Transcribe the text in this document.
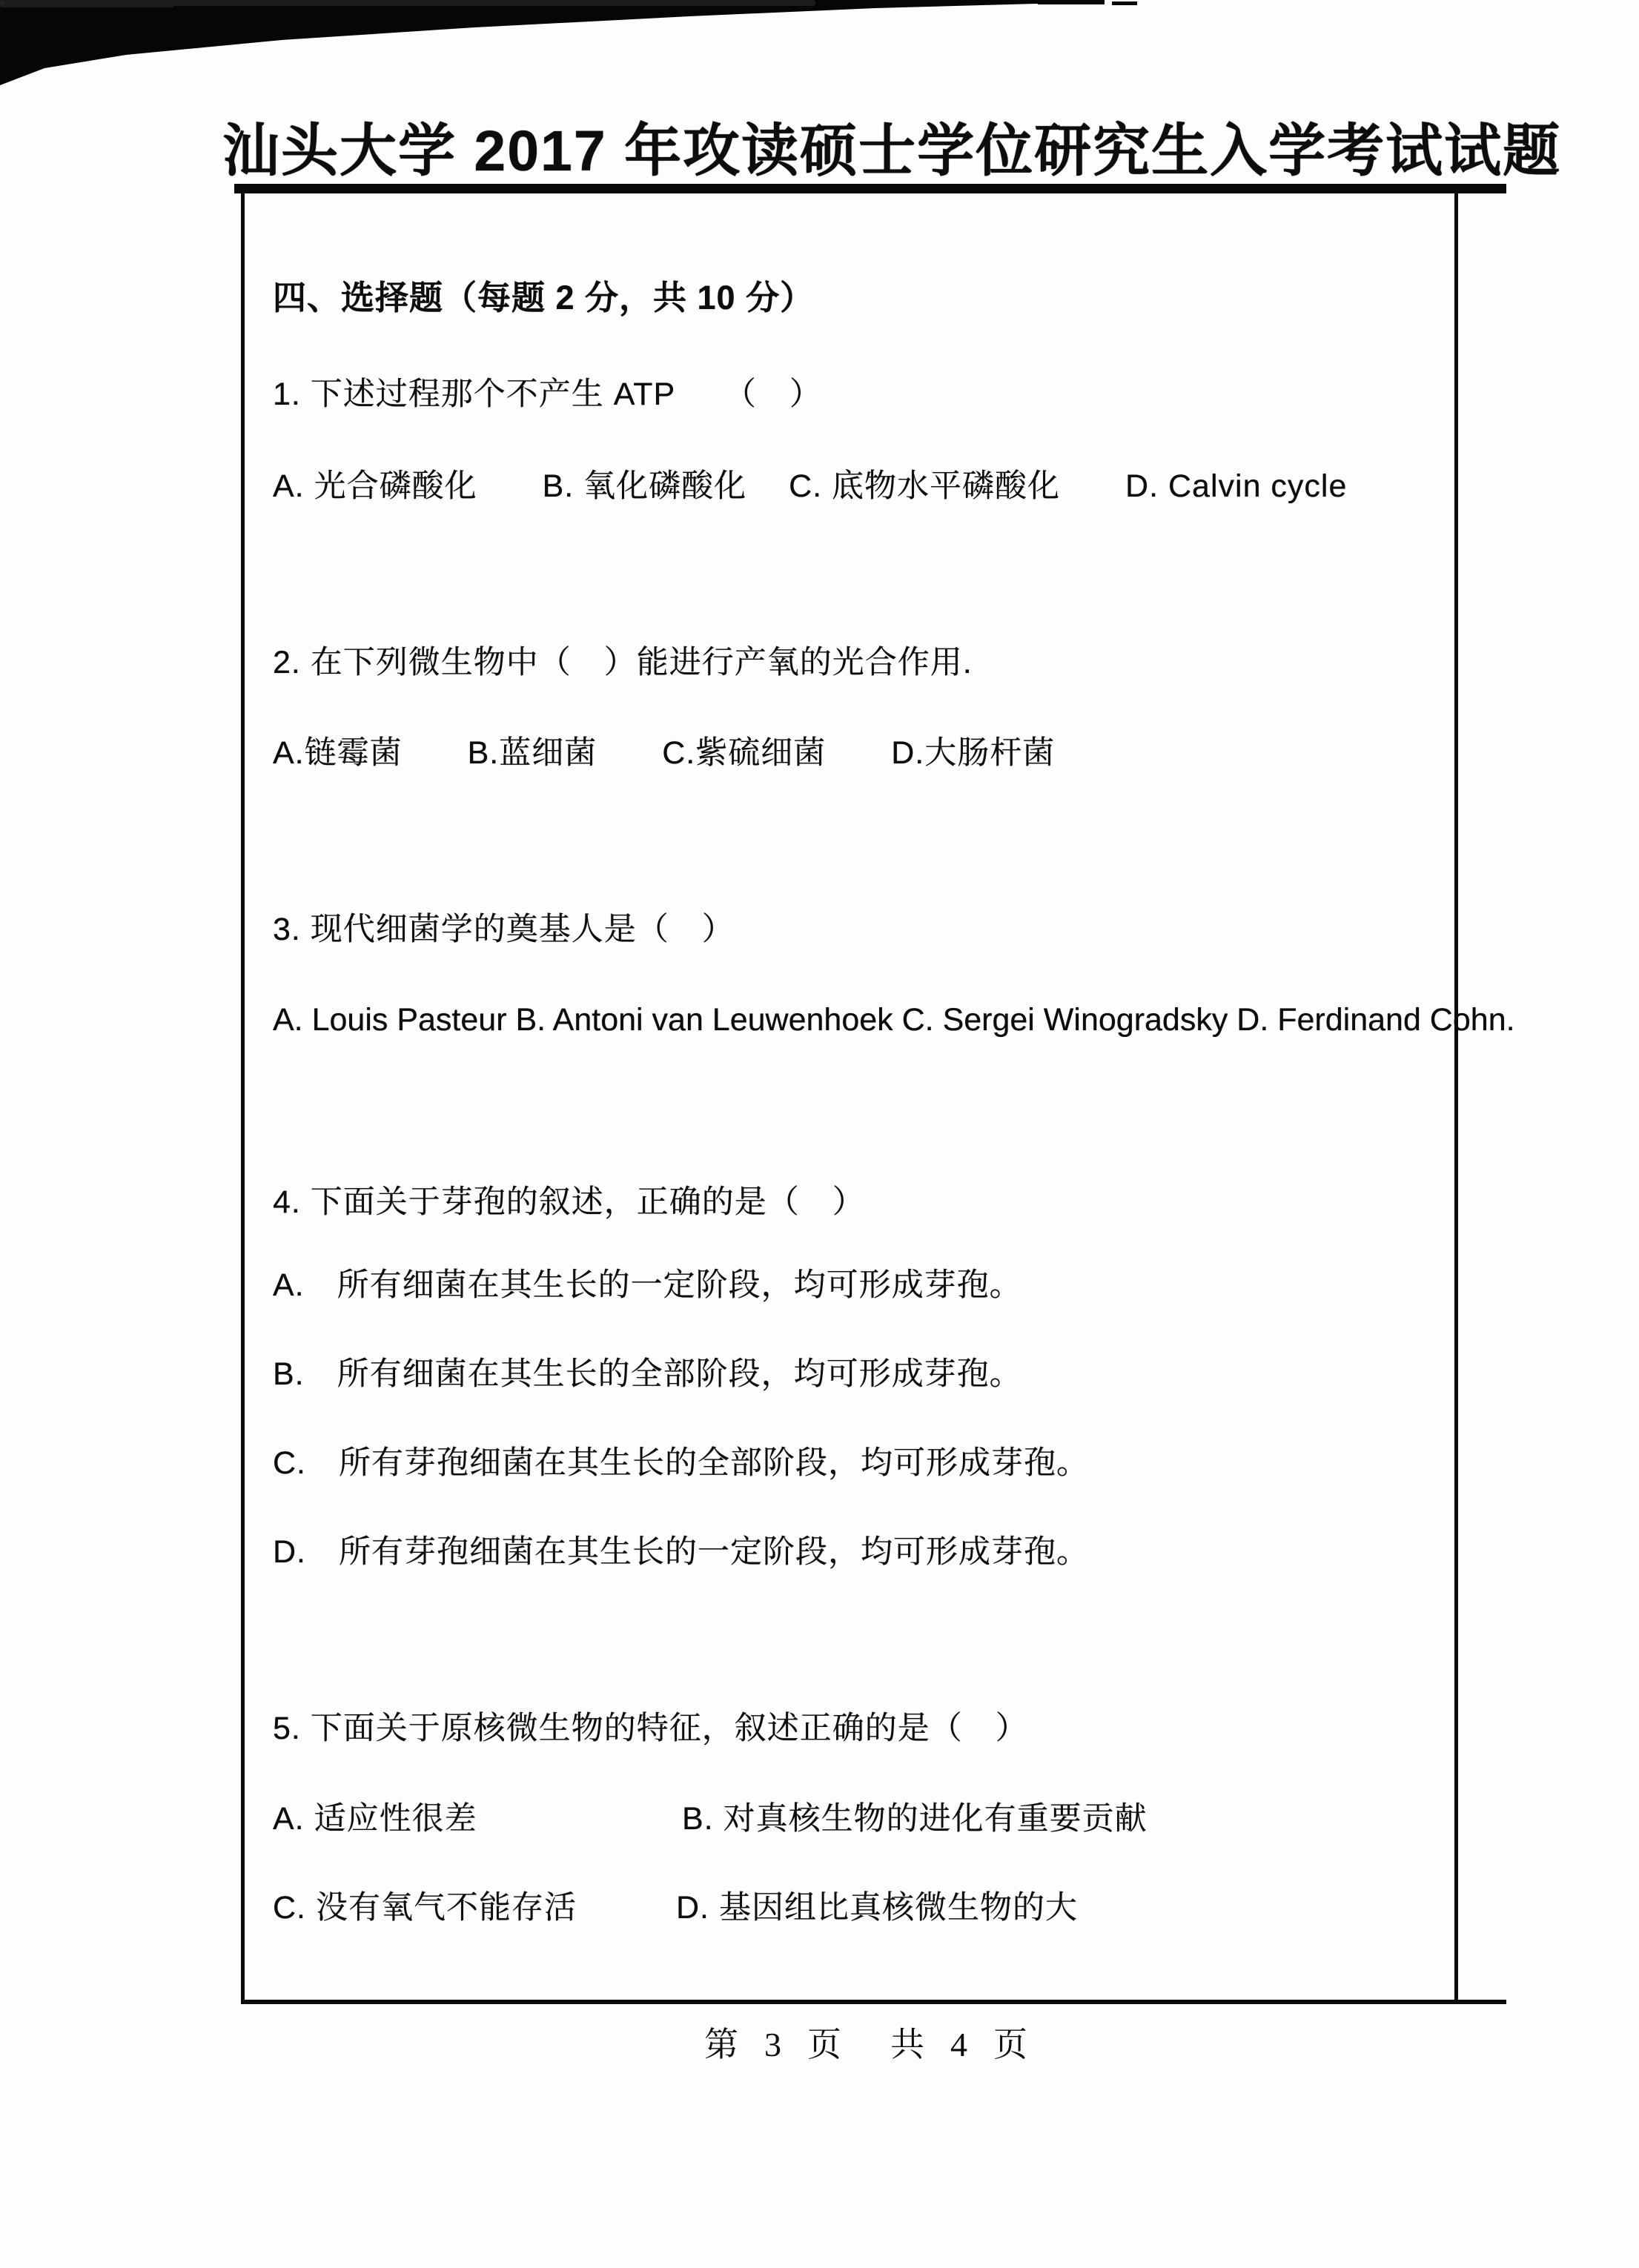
汕头大学 2017 年攻读硕士学位研究生入学考试试题
四、选择题（每题 2 分，共 10 分）
1. 下述过程那个不产生 ATP　　（　）
A. 光合磷酸化　　B. 氧化磷酸化　 C. 底物水平磷酸化　　D. Calvin cycle
2. 在下列微生物中（　）能进行产氧的光合作用.
A.链霉菌　　B.蓝细菌　　C.紫硫细菌　　D.大肠杆菌
3. 现代细菌学的奠基人是（　）
A. Louis Pasteur B. Antoni van Leuwenhoek C. Sergei Winogradsky D. Ferdinand Cohn.
4. 下面关于芽孢的叙述，正确的是（　）
A.　所有细菌在其生长的一定阶段，均可形成芽孢。
B.　所有细菌在其生长的全部阶段，均可形成芽孢。
C.　所有芽孢细菌在其生长的全部阶段，均可形成芽孢。
D.　所有芽孢细菌在其生长的一定阶段，均可形成芽孢。
5. 下面关于原核微生物的特征，叙述正确的是（　）
A. 适应性很差	B. 对真核生物的进化有重要贡献
C. 没有氧气不能存活	D. 基因组比真核微生物的大
第  3  页    共  4  页
